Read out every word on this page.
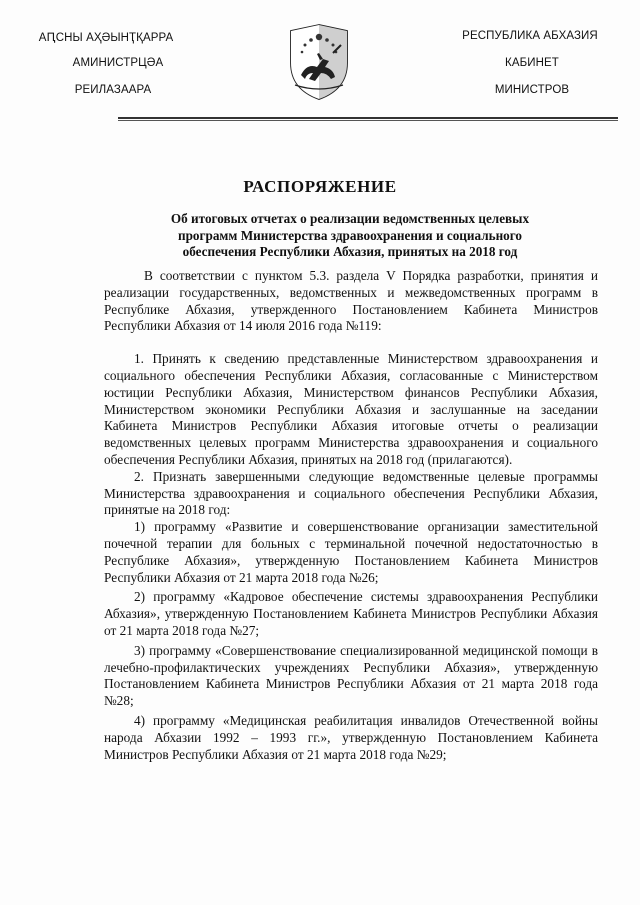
АԤСНЫ АҲӘЫНҬҚАРРА
АМИНИСТРЦӘА
РЕИЛАЗААРА
РЕСПУБЛИКА АБХАЗИЯ
КАБИНЕТ
МИНИСТРОВ
РАСПОРЯЖЕНИЕ
Об итоговых отчетах о реализации ведомственных целевых программ Министерства здравоохранения и социального обеспечения Республики Абхазия, принятых на 2018 год

В соответствии с пунктом 5.3. раздела V Порядка разработки, принятия и реализации государственных, ведомственных и межведомственных программ в Республике Абхазия, утвержденного Постановлением Кабинета Министров Республики Абхазия от 14 июля 2016 года №119:

1. Принять к сведению представленные Министерством здравоохранения и социального обеспечения Республики Абхазия, согласованные с Министерством юстиции Республики Абхазия, Министерством финансов Республики Абхазия, Министерством экономики Республики Абхазия и заслушанные на заседании Кабинета Министров Республики Абхазия итоговые отчеты о реализации ведомственных целевых программ Министерства здравоохранения и социального обеспечения Республики Абхазия, принятых на 2018 год (прилагаются).

2. Признать завершенными следующие ведомственные целевые программы Министерства здравоохранения и социального обеспечения Республики Абхазия, принятые на 2018 год:

1) программу «Развитие и совершенствование организации заместительной почечной терапии для больных с терминальной почечной недостаточностью в Республике Абхазия», утвержденную Постановлением Кабинета Министров Республики Абхазия от 21 марта 2018 года №26;

2) программу «Кадровое обеспечение системы здравоохранения Республики Абхазия», утвержденную Постановлением Кабинета Министров Республики Абхазия от 21 марта 2018 года №27;

3) программу «Совершенствование специализированной медицинской помощи в лечебно-профилактических учреждениях Республики Абхазия», утвержденную Постановлением Кабинета Министров Республики Абхазия от 21 марта 2018 года №28;

4) программу «Медицинская реабилитация инвалидов Отечественной войны народа Абхазии 1992 – 1993 гг.», утвержденную Постановлением Кабинета Министров Республики Абхазия от 21 марта 2018 года №29;
